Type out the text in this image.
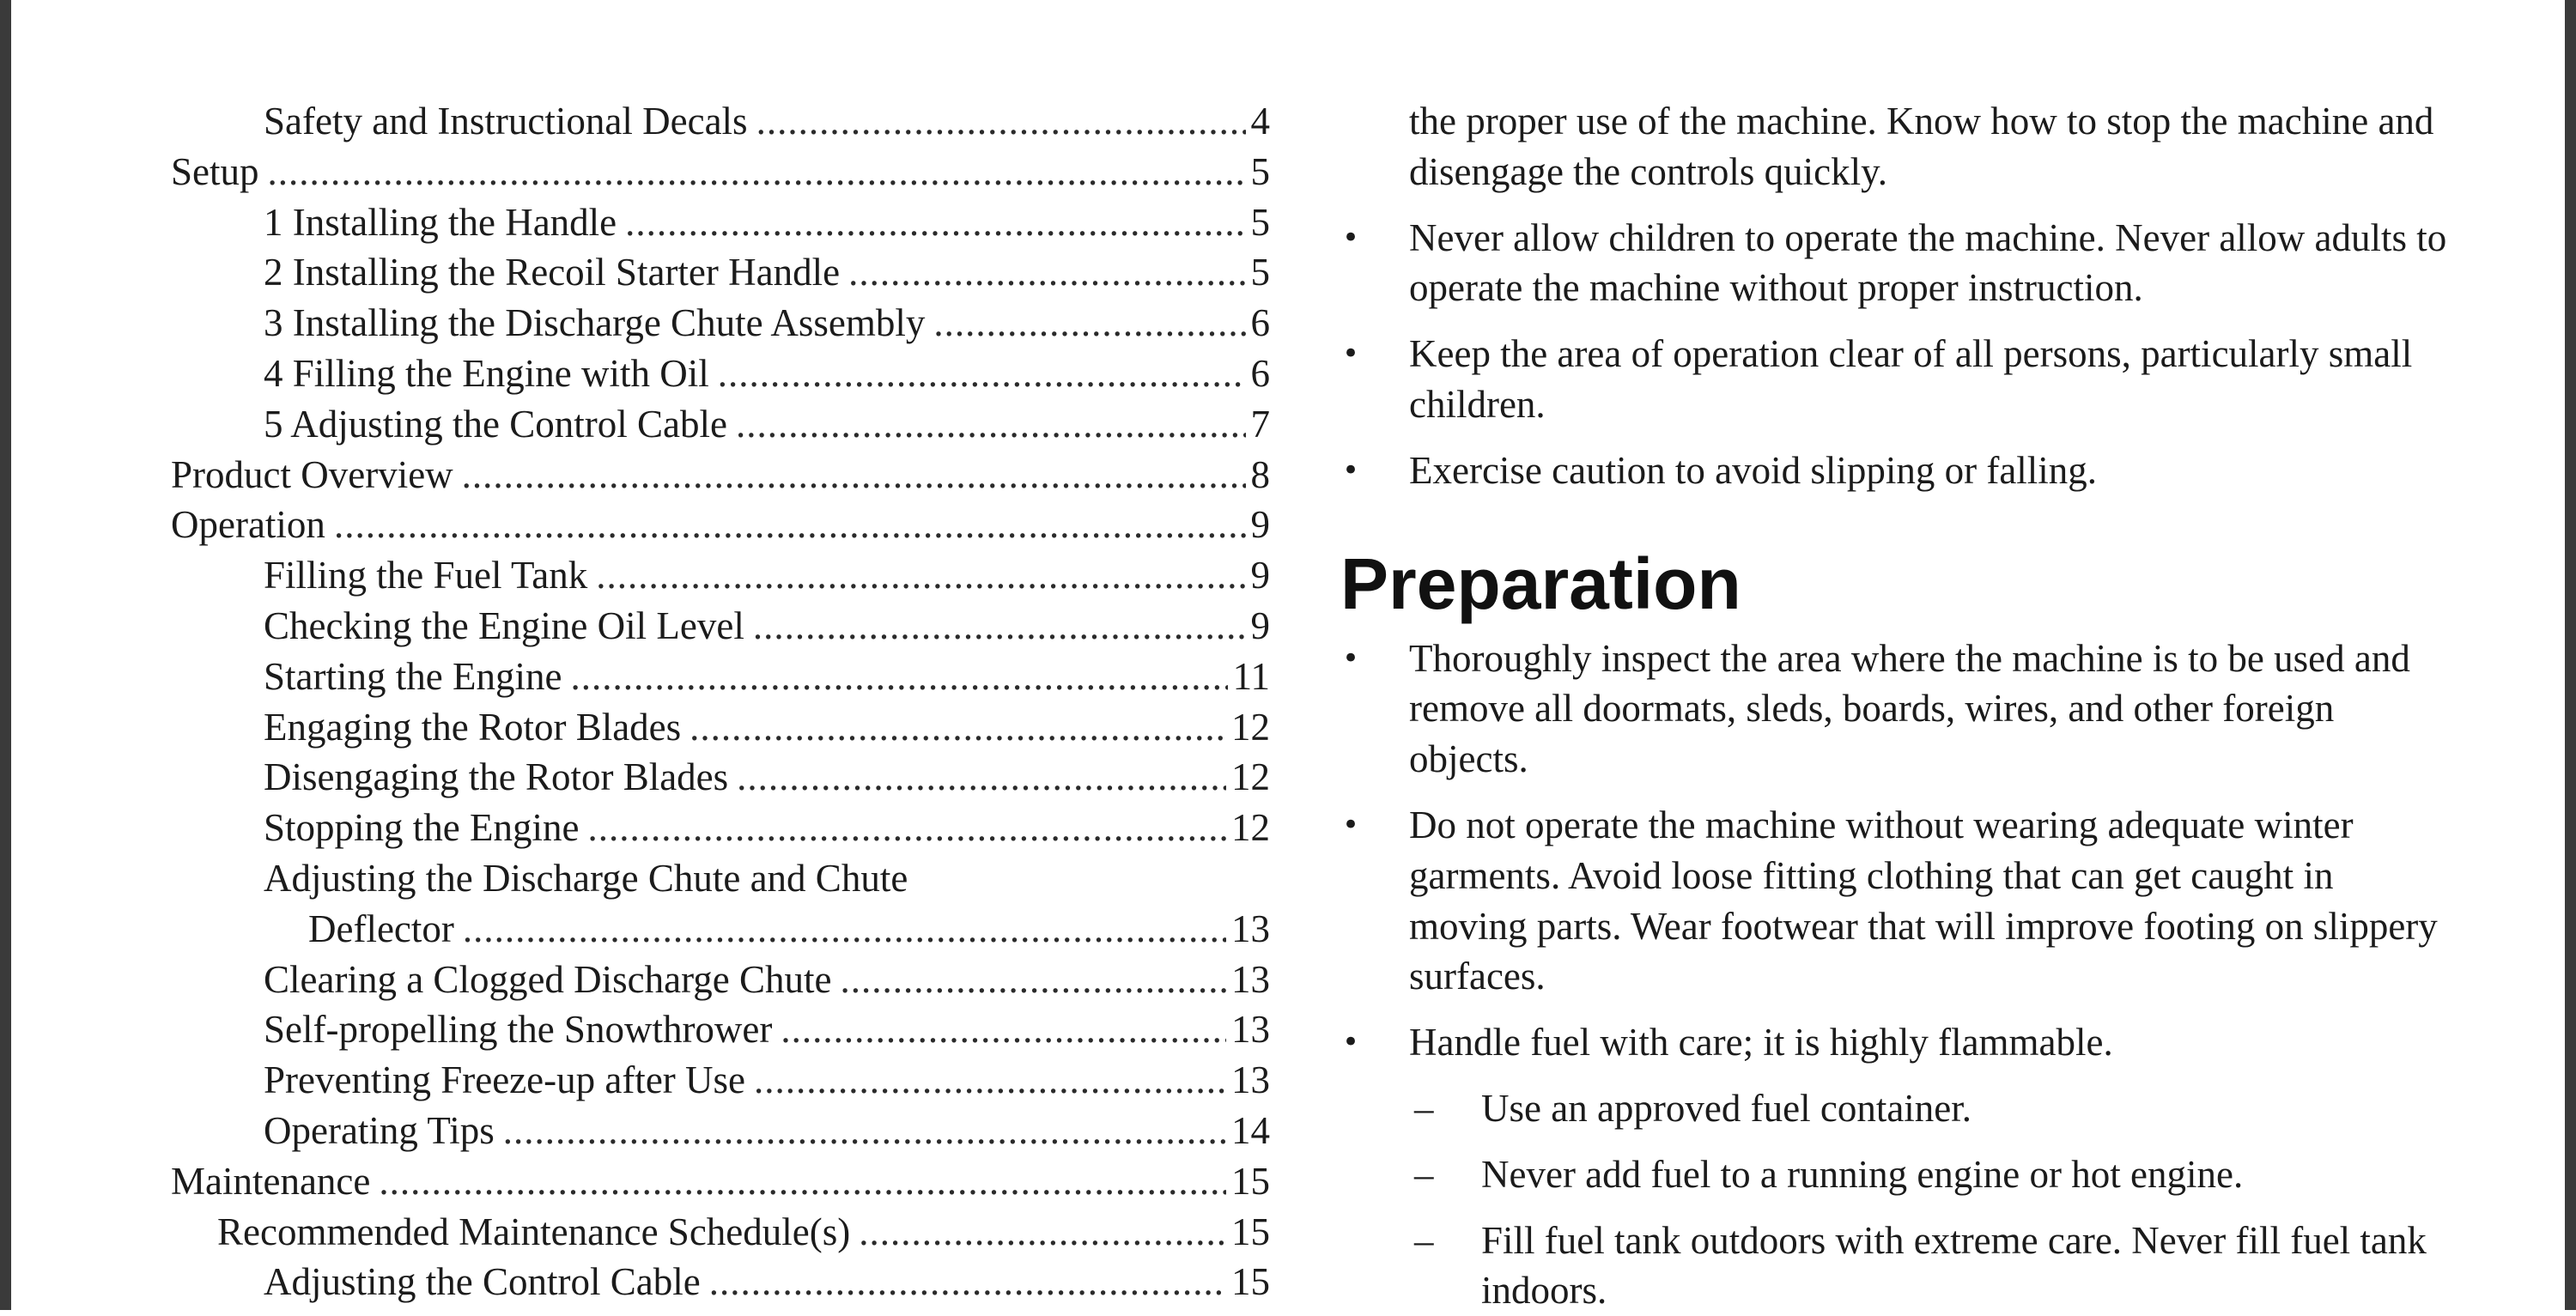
Safety and Instructional Decals .....	4
Setup .....	5
1 Installing the Handle .....	5
2 Installing the Recoil Starter Handle .....	5
3 Installing the Discharge Chute Assembly .....	6
4 Filling the Engine with Oil .....	6
5 Adjusting the Control Cable .....	7
Product Overview .....	8
Operation .....	9
Filling the Fuel Tank .....	9
Checking the Engine Oil Level .....	9
Starting the Engine .....	11
Engaging the Rotor Blades .....	12
Disengaging the Rotor Blades .....	12
Stopping the Engine .....	12
Adjusting the Discharge Chute and Chute
Deflector .....	13
Clearing a Clogged Discharge Chute .....	13
Self-propelling the Snowthrower .....	13
Preventing Freeze-up after Use .....	13
Operating Tips .....	14
Maintenance .....	15
Recommended Maintenance Schedule(s) .....	15
Adjusting the Control Cable .....	15

the proper use of the machine. Know how to stop the machine and disengage the controls quickly.

• Never allow children to operate the machine. Never allow adults to operate the machine without proper instruction.
• Keep the area of operation clear of all persons, particularly small children.
• Exercise caution to avoid slipping or falling.
Preparation
• Thoroughly inspect the area where the machine is to be used and remove all doormats, sleds, boards, wires, and other foreign objects.
• Do not operate the machine without wearing adequate winter garments. Avoid loose fitting clothing that can get caught in moving parts. Wear footwear that will improve footing on slippery surfaces.
• Handle fuel with care; it is highly flammable.
– Use an approved fuel container.
– Never add fuel to a running engine or hot engine.
– Fill fuel tank outdoors with extreme care. Never fill fuel tank indoors.
